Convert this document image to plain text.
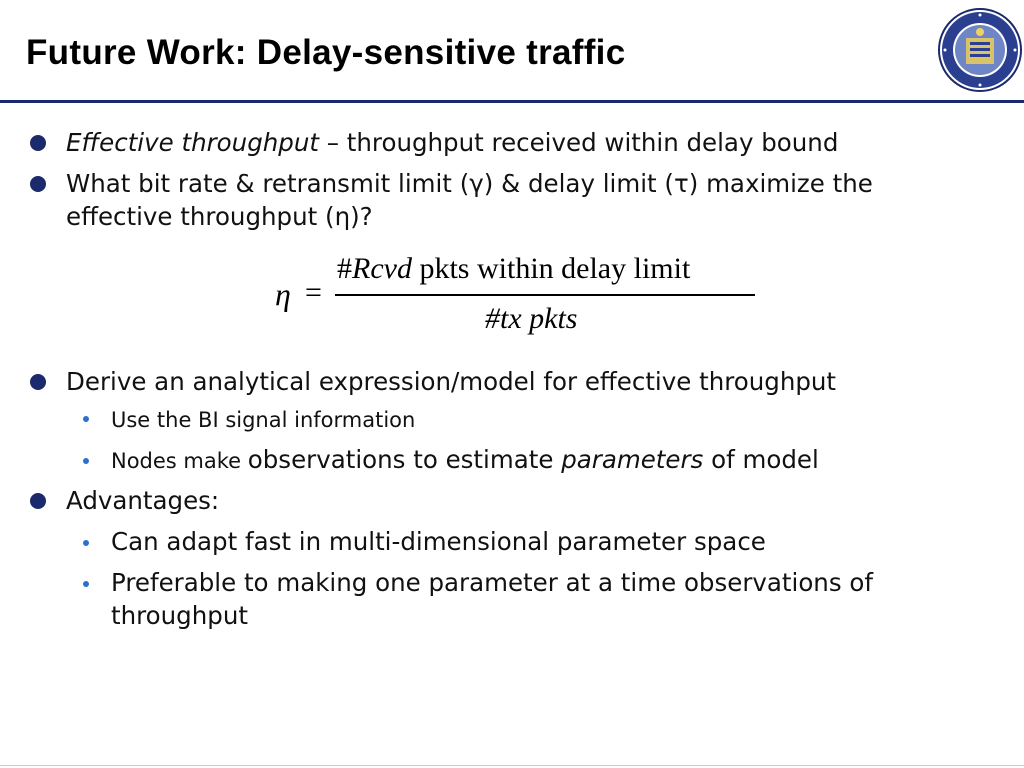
Future Work: Delay-sensitive traffic
Effective throughput – throughput received within delay bound
What bit rate & retransmit limit (γ) & delay limit (τ) maximize the effective throughput (η)?
η =
#Rcvd pkts within delay limit
#tx pkts
Derive an analytical expression/model for effective throughput
Use the BI signal information
Nodes make observations to estimate parameters of model
Advantages:
Can adapt fast in multi-dimensional parameter space
Preferable to making one parameter at a time observations of throughput
